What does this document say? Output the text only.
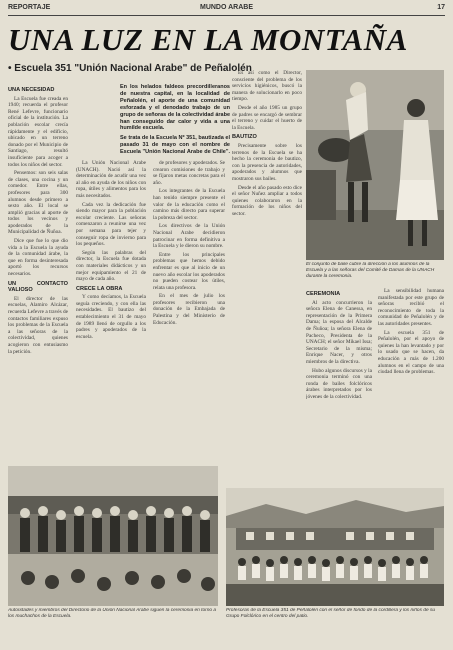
REPORTAJE	MUNDO ARABE	17
UNA LUZ EN LA MONTAÑA
• Escuela 351 "Unión Nacional Arabe" de Peñalolén
UNA NECESIDAD

La Escuela fue creada en 1940; recuerda el profesor René Lefevre, funcionario oficial de la institución. La población escolar crecía rápidamente y el edificio, ubicado en un terreno donado por el Municipio de Santiago, resultó insuficiente para acoger a todos los niños del sector.

Pensemos: son seis salas de clases, una cocina y un comedor. Entre ellas, profesores para 300 alumnos desde primero a sexto año. El local se amplió gracias al aporte de todos los vecinos y apoderados de la Municipalidad de Ñuñoa.

Dice que fue lo que dio vida a la Escuela la ayuda de la comunidad árabe, la que en forma desinteresada aportó los recursos necesarios.

UN CONTACTO VALIOSO

El director de las escuelas, Alamiro Alcázar, recuerda Lefevre a través de contactos familiares expuso los problemas de la Escuela a las señoras de la colectividad, quienes acogieron con entusiasmo la petición.

En los helados faldeos precordilleranos de nuestra capital, en la localidad de Peñalolén, el aporte de una comunidad esforzada y el denodado trabajo de un grupo de señoras de la colectividad árabe han conseguido dar calor y vida a una humilde escuela.

Se trata de la Escuela Nº 351, bautizada el pasado 31 de mayo con el nombre de Escuela "Unión Nacional Arabe de Chile".

La Unión Nacional Arabe (UNACH). Nació así la determinación de acudir una vez al año en ayuda de los niños con ropa, útiles y alimentos para los más necesitados.

Cada vez la dedicación fue siendo mayor para la población escolar creciente. Las señoras comenzaron a reunirse una vez por semana para tejer y conseguir ropa de invierno para los pequeños.

Según las palabras del director, la Escuela fue dotada con materiales didácticos y un mejor equipamiento el 21 de mayo de cada año.

CRECE LA OBRA

Y como decíamos, la Escuela seguía creciendo, y con ella las necesidades. El bautizo del establecimiento el 31 de mayo de 1989 llenó de orgullo a los padres y apoderados de la escuela.

de profesores y apoderados. Se crearon comisiones de trabajo y se fijaron metas concretas para el año.

Los integrantes de la Escuela han tenido siempre presente el valor de la educación como el camino más directo para superar la pobreza del sector.

Los directivos de la Unión Nacional Arabe decidieron patrocinar en forma definitiva a la Escuela y le dieron su nombre.

Entre los principales problemas que hemos debido enfrentar es que al inicio de un nuevo año escolar los apoderados no pueden costear los útiles, relata una profesora.

En el mes de julio los profesores recibieron una donación de la Embajada de Palestina y del Ministerio de Educación.

Es así como el Director, consciente del problema de los servicios higiénicos, buscó la manera de solucionarlo en poco tiempo.

Desde el año 1985 un grupo de padres se encargó de sembrar el terreno y cuidar el huerto de la Escuela.

BAUTIZO

Precisamente sobre los terrenos de la Escuela se ha hecho la ceremonia de bautizo, con la presencia de autoridades, apoderados y alumnos que mostraron sus bailes.

Desde el año pasado esto dice el señor Nuñez ampliar a todos quienes colaboraron en la formación de los niños del sector.

El conjunto de baile cubre la dirección a los alumnos de la Escuela y a las señoras del Comité de Damas de la UNACH durante la ceremonia.
CEREMONIA

Al acto concurrieron la señora Elena de Canessa, en representación de la Primera Dama; la esposa del Alcalde de Ñuñoa; la señora Elena de Pacheco, Presidenta de la UNACH; el señor Mikael Issa; Secretario de la misma; Enrique Nacer, y otros miembros de la directiva.

Hubo algunos discursos y la ceremonia terminó con una ronda de bailes folclóricos árabes interpretados por los jóvenes de la colectividad.

La sensibilidad humana manifestada por este grupo de señoras recibió el reconocimiento de toda la comunidad de Peñalolén y de las autoridades presentes.

La escuela 351 de Peñalolén, por el apoyo de quienes la han levantado y por lo usado que se hacen, da educación a más de 1.200 alumnos en el campo de una ciudad llena de problemas.

Autoridades y miembros del Directorio de la Unión Nacional Arabe siguen la ceremonia en torno a los muchachos de la Escuela.
Profesoras de la Escuela 351 de Peñalolén con el señor de fondo de la cordillera y los niños de su Grupo Folclórico en el centro del patio.
